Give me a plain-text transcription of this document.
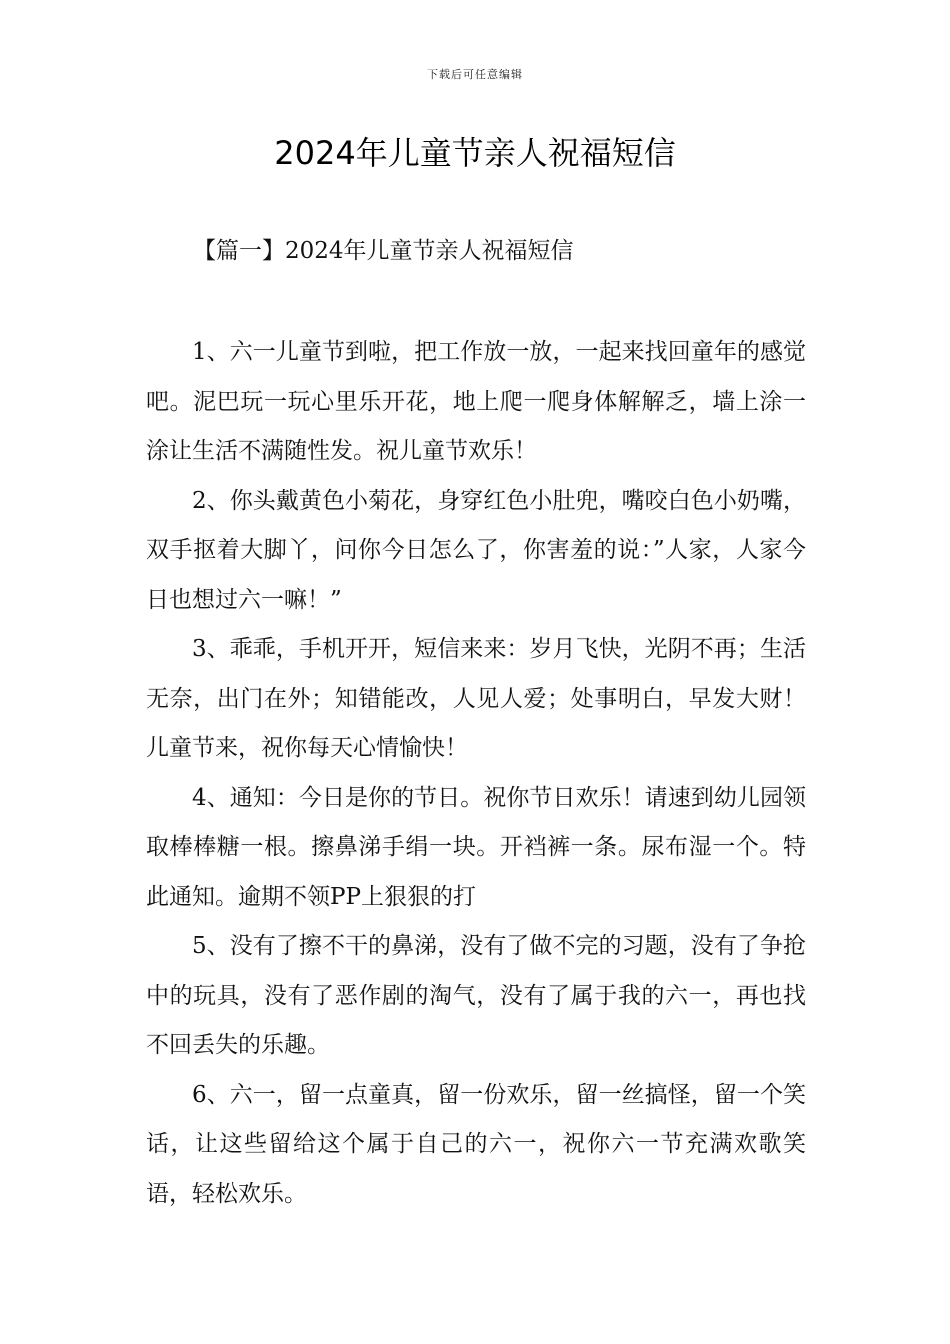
下载后可任意编辑
2024年儿童节亲人祝福短信
【篇一】2024年儿童节亲人祝福短信

1、六一儿童节到啦，把工作放一放，一起来找回童年的感觉吧。泥巴玩一玩心里乐开花，地上爬一爬身体解解乏，墙上涂一涂让生活不满随性发。祝儿童节欢乐！

2、你头戴黄色小菊花，身穿红色小肚兜，嘴咬白色小奶嘴，双手抠着大脚丫，问你今日怎么了，你害羞的说：”人家，人家今日也想过六一嘛！”

3、乖乖，手机开开，短信来来：岁月飞快，光阴不再；生活无奈，出门在外；知错能改，人见人爱；处事明白，早发大财！儿童节来，祝你每天心情愉快！

4、通知：今日是你的节日。祝你节日欢乐！请速到幼儿园领取棒棒糖一根。擦鼻涕手绢一块。开裆裤一条。尿布湿一个。特此通知。逾期不领PP上狠狠的打

5、没有了擦不干的鼻涕，没有了做不完的习题，没有了争抢中的玩具，没有了恶作剧的淘气，没有了属于我的六一，再也找不回丢失的乐趣。

6、六一，留一点童真，留一份欢乐，留一丝搞怪，留一个笑话，让这些留给这个属于自己的六一，祝你六一节充满欢歌笑语，轻松欢乐。
